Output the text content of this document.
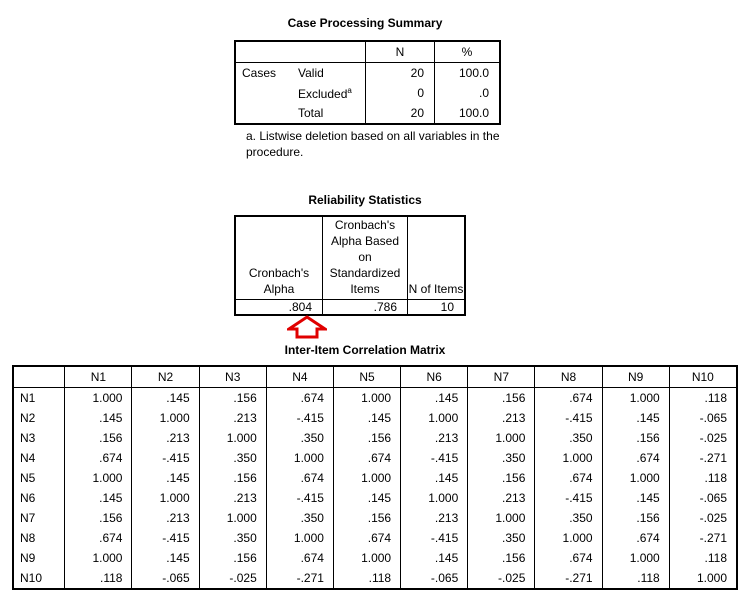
Case Processing Summary
		N	%
Cases	Valid	20	100.0
	Excluded$^a$	0	.0
	Total	20	100.0
a. Listwise deletion based on all variables in the procedure.
Reliability Statistics
Cronbach's Alpha	Cronbach's Alpha Based on Standardized Items	N of Items
.804	.786	10
Inter-Item Correlation Matrix
	N1	N2	N3	N4	N5	N6	N7	N8	N9	N10
N1	1.000	.145	.156	.674	1.000	.145	.156	.674	1.000	.118
N2	.145	1.000	.213	-.415	.145	1.000	.213	-.415	.145	-.065
N3	.156	.213	1.000	.350	.156	.213	1.000	.350	.156	-.025
N4	.674	-.415	.350	1.000	.674	-.415	.350	1.000	.674	-.271
N5	1.000	.145	.156	.674	1.000	.145	.156	.674	1.000	.118
N6	.145	1.000	.213	-.415	.145	1.000	.213	-.415	.145	-.065
N7	.156	.213	1.000	.350	.156	.213	1.000	.350	.156	-.025
N8	.674	-.415	.350	1.000	.674	-.415	.350	1.000	.674	-.271
N9	1.000	.145	.156	.674	1.000	.145	.156	.674	1.000	.118
N10	.118	-.065	-.025	-.271	.118	-.065	-.025	-.271	.118	1.000
